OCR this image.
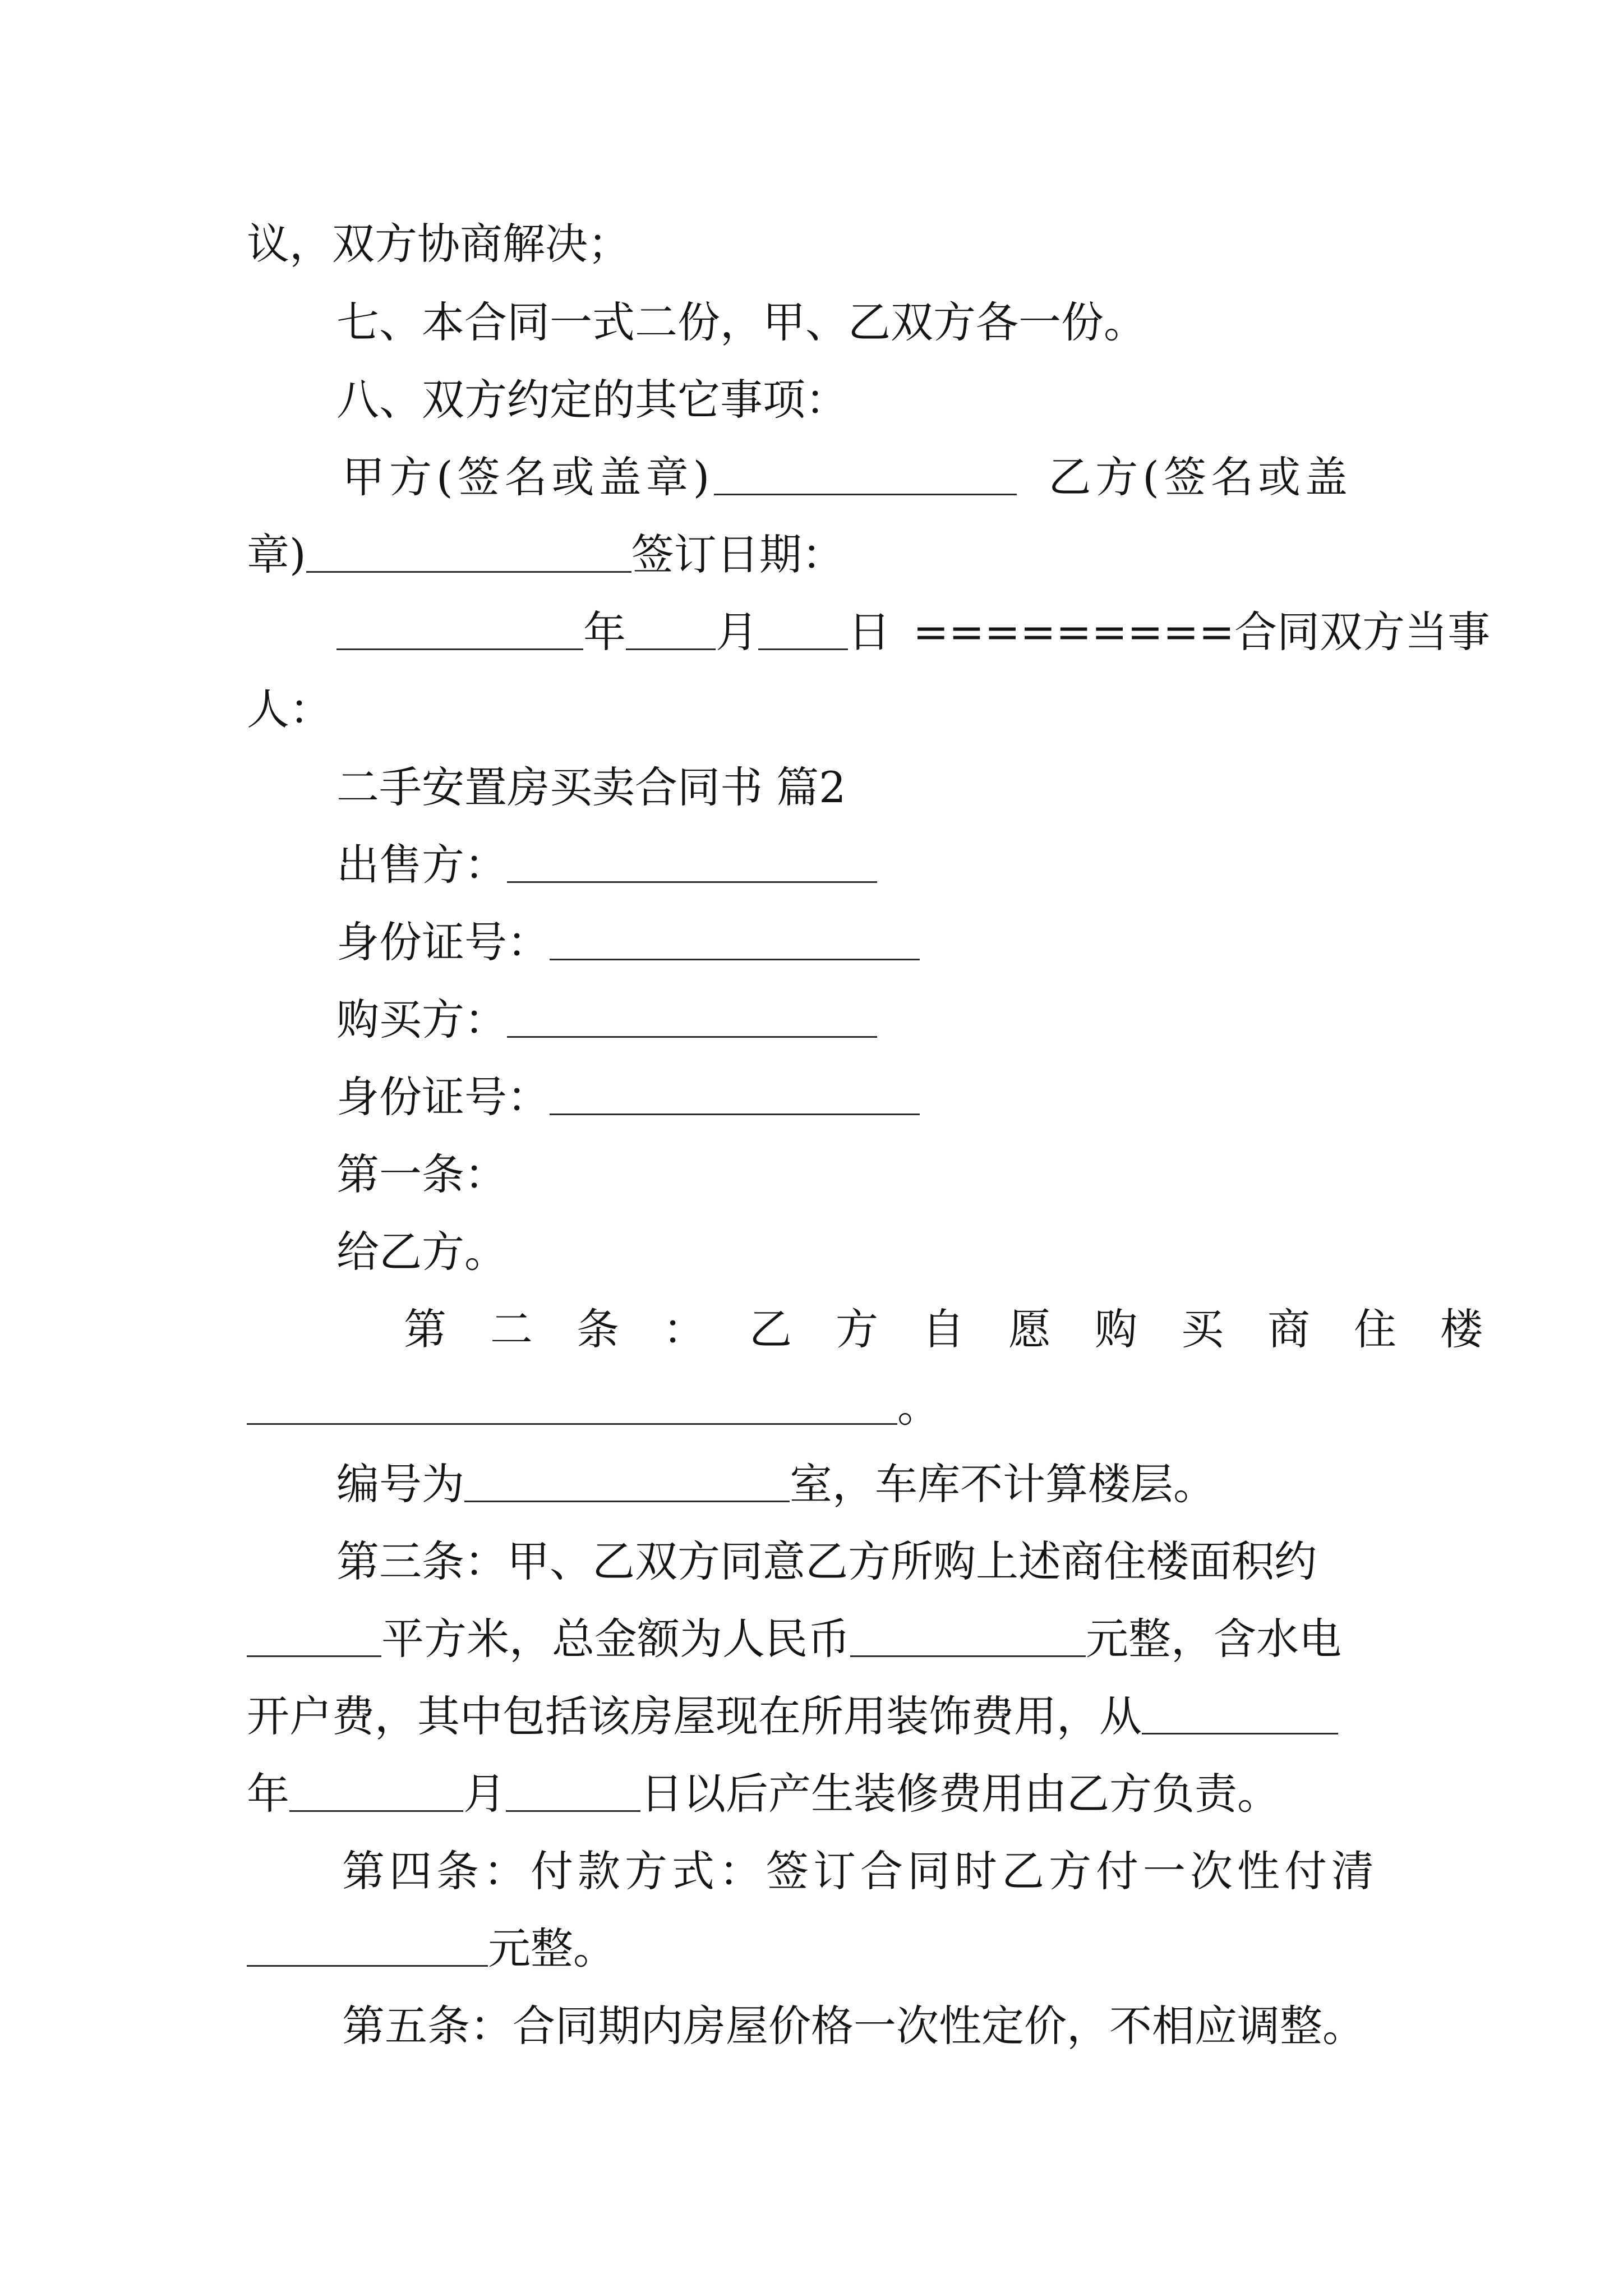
议，双方协商解决；
七、本合同一式二份，甲、乙双方各一份。
八、双方约定的其它事项：
甲方(签名或盖章)	乙方(签名或盖
章)	签订日期：
年 月 日 =========合同双方当事
人：
二手安置房买卖合同书 篇2
出售方：
身份证号：
购买方：
身份证号：
第一条：
给乙方。
第二条：乙方自愿购买商住楼
。
编号为	室，车库不计算楼层。
第三条：甲、乙双方同意乙方所购上述商住楼面积约
平方米，总金额为人民币	元整，含水电
开户费，其中包括该房屋现在所用装饰费用，从
年	月	日以后产生装修费用由乙方负责。
第四条：付款方式：签订合同时乙方付一次性付清
元整。
第五条：合同期内房屋价格一次性定价，不相应调整。
